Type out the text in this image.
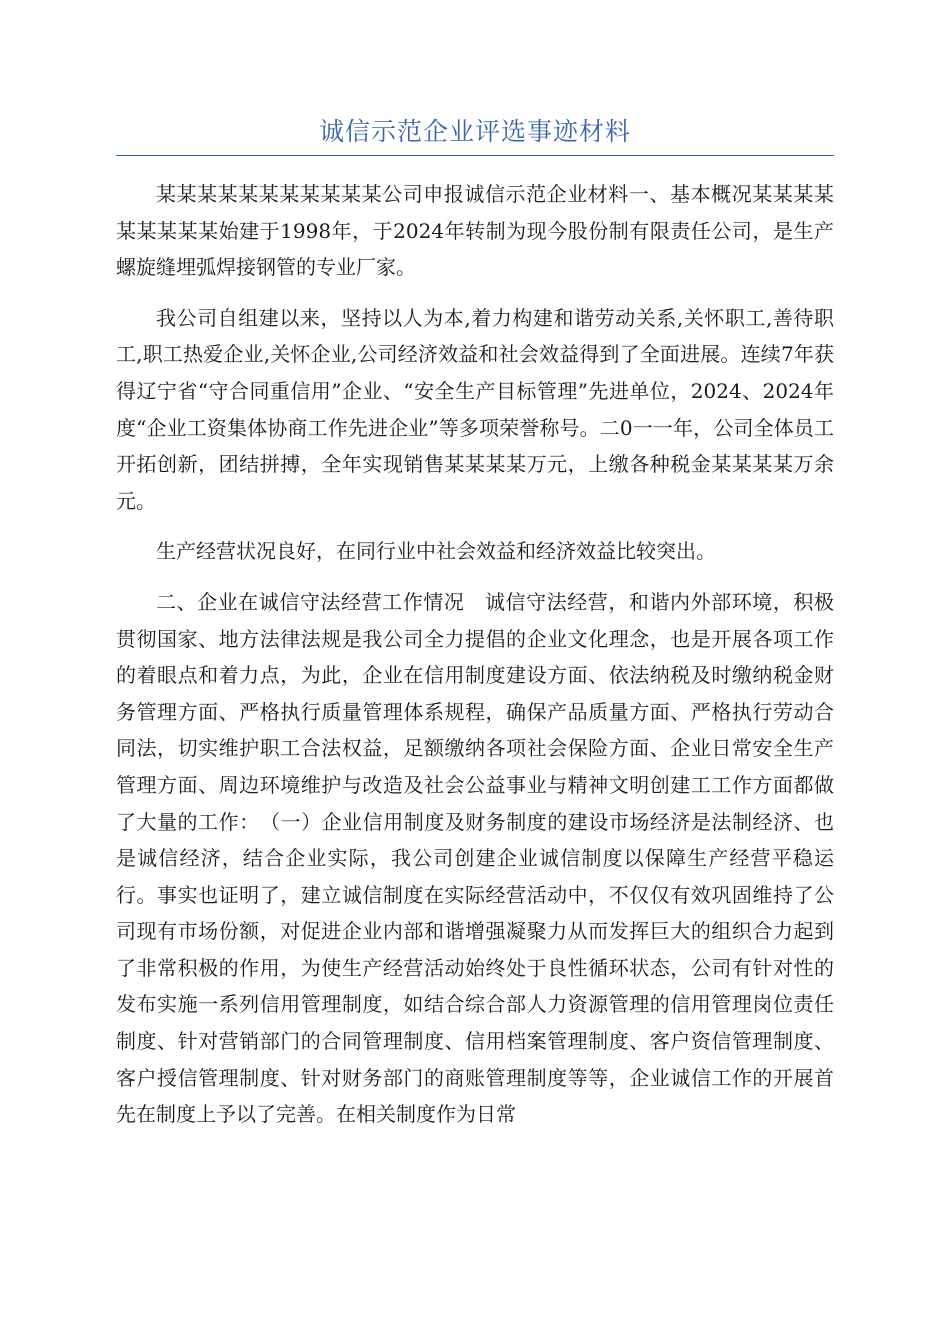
诚信示范企业评选事迹材料

某某某某某某某某某某某公司申报诚信示范企业材料一、基本概况某某某某某某某某某始建于1998年，于2024年转制为现今股份制有限责任公司，是生产螺旋缝埋弧焊接钢管的专业厂家。

我公司自组建以来，坚持以人为本,着力构建和谐劳动关系,关怀职工,善待职工,职工热爱企业,关怀企业,公司经济效益和社会效益得到了全面进展。连续7年获得辽宁省“守合同重信用”企业、“安全生产目标管理”先进单位，2024、2024年度“企业工资集体协商工作先进企业”等多项荣誉称号。二0一一年，公司全体员工开拓创新，团结拼搏，全年实现销售某某某某万元，上缴各种税金某某某某万余元。

生产经营状况良好，在同行业中社会效益和经济效益比较突出。

二、企业在诚信守法经营工作情况　诚信守法经营，和谐内外部环境，积极贯彻国家、地方法律法规是我公司全力提倡的企业文化理念，也是开展各项工作的着眼点和着力点，为此，企业在信用制度建设方面、依法纳税及时缴纳税金财务管理方面、严格执行质量管理体系规程，确保产品质量方面、严格执行劳动合同法，切实维护职工合法权益，足额缴纳各项社会保险方面、企业日常安全生产管理方面、周边环境维护与改造及社会公益事业与精神文明创建工工作方面都做了大量的工作：　（一）企业信用制度及财务制度的建设市场经济是法制经济、也是诚信经济，结合企业实际，我公司创建企业诚信制度以保障生产经营平稳运行。事实也证明了，建立诚信制度在实际经营活动中，不仅仅有效巩固维持了公司现有市场份额，对促进企业内部和谐增强凝聚力从而发挥巨大的组织合力起到了非常积极的作用，为使生产经营活动始终处于良性循环状态，公司有针对性的发布实施一系列信用管理制度，如结合综合部人力资源管理的信用管理岗位责任制度、针对营销部门的合同管理制度、信用档案管理制度、客户资信管理制度、客户授信管理制度、针对财务部门的商账管理制度等等，企业诚信工作的开展首先在制度上予以了完善。在相关制度作为日常
